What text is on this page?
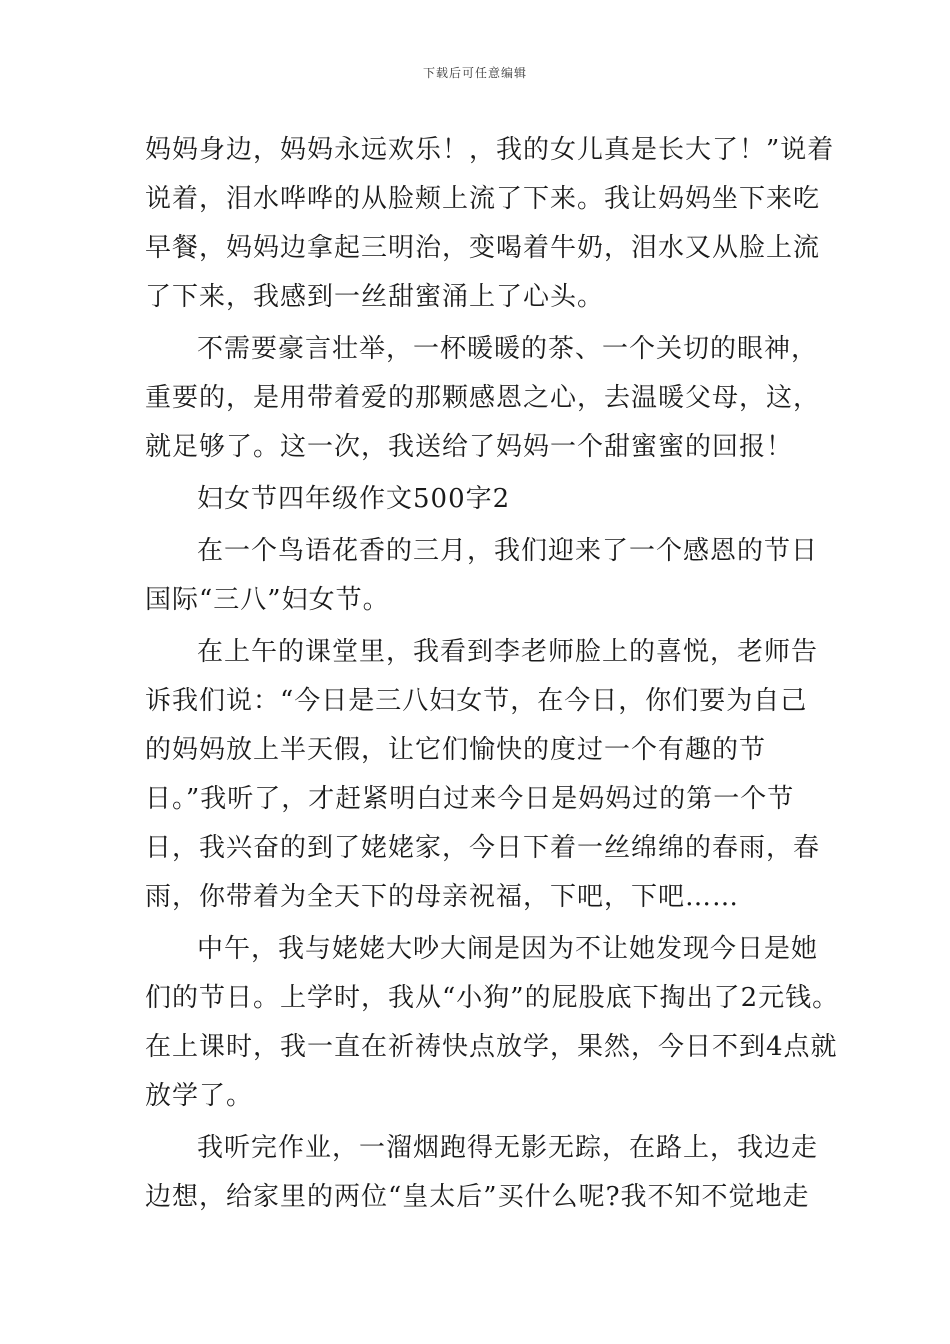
下载后可任意编辑
妈妈身边，妈妈永远欢乐！，我的女儿真是长大了！”说着
说着，泪水哗哗的从脸颊上流了下来。我让妈妈坐下来吃
早餐，妈妈边拿起三明治，变喝着牛奶，泪水又从脸上流
了下来，我感到一丝甜蜜涌上了心头。
不需要豪言壮举，一杯暖暖的茶、一个关切的眼神，
重要的，是用带着爱的那颗感恩之心，去温暖父母，这，
就足够了。这一次，我送给了妈妈一个甜蜜蜜的回报！
妇女节四年级作文500字2
在一个鸟语花香的三月，我们迎来了一个感恩的节日
国际“三八”妇女节。
在上午的课堂里，我看到李老师脸上的喜悦，老师告
诉我们说：“今日是三八妇女节，在今日，你们要为自己
的妈妈放上半天假，让它们愉快的度过一个有趣的节
日。”我听了，才赶紧明白过来今日是妈妈过的第一个节
日，我兴奋的到了姥姥家，今日下着一丝绵绵的春雨，春
雨，你带着为全天下的母亲祝福，下吧，下吧……
中午，我与姥姥大吵大闹是因为不让她发现今日是她
们的节日。上学时，我从“小狗”的屁股底下掏出了2元钱。
在上课时，我一直在祈祷快点放学，果然，今日不到4点就
放学了。
我听完作业，一溜烟跑得无影无踪，在路上，我边走
边想，给家里的两位“皇太后”买什么呢?我不知不觉地走
